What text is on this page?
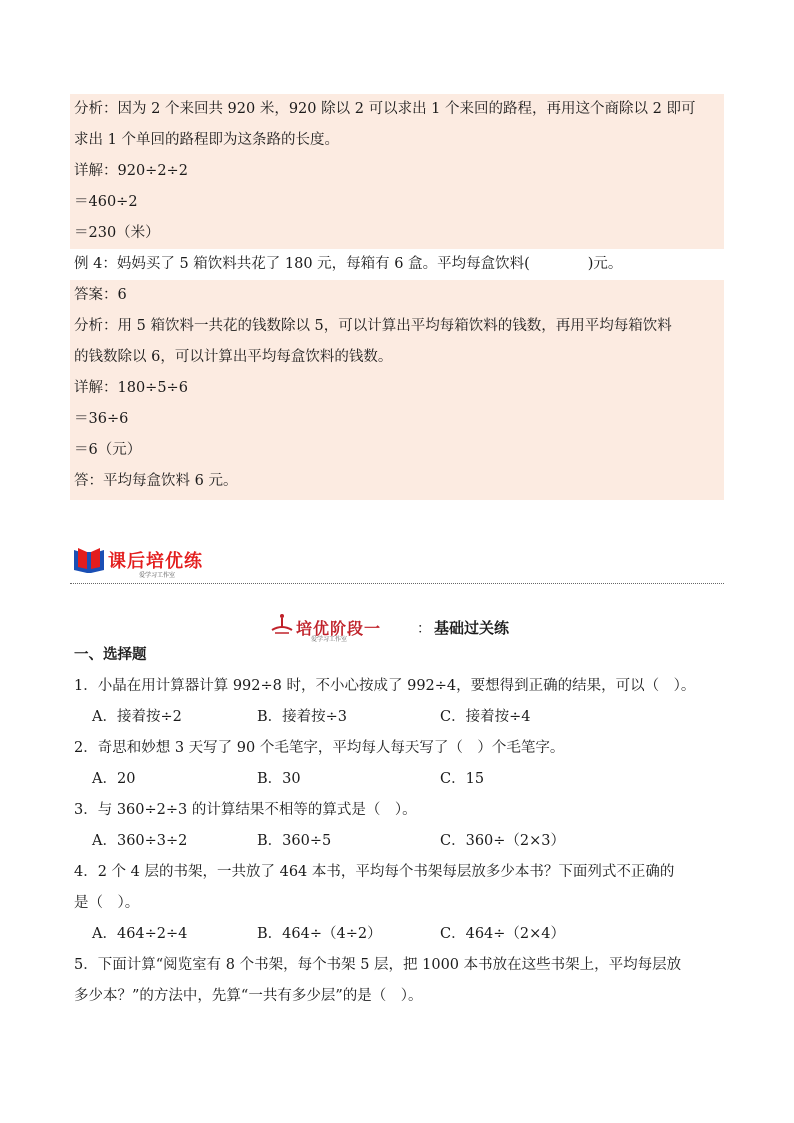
分析：因为 2 个来回共 920 米，920 除以 2 可以求出 1 个来回的路程，再用这个商除以 2 即可
求出 1 个单回的路程即为这条路的长度。
详解：920÷2÷2
＝460÷2
＝230（米）
例 4：妈妈买了 5 箱饮料共花了 180 元，每箱有 6 盒。平均每盒饮料(　　　　)元。
答案：6
分析：用 5 箱饮料一共花的钱数除以 5，可以计算出平均每箱饮料的钱数，再用平均每箱饮料
的钱数除以 6，可以计算出平均每盒饮料的钱数。
详解：180÷5÷6
＝36÷6
＝6（元）
答：平均每盒饮料 6 元。
课后培优练
爱学习工作室
培优阶段一	： 基础过关练
爱学习工作室
一、选择题
1．小晶在用计算器计算 992÷8 时，不小心按成了 992÷4，要想得到正确的结果，可以（　）。
A．接着按÷2	B．接着按÷3	C．接着按÷4
2．奇思和妙想 3 天写了 90 个毛笔字，平均每人每天写了（　）个毛笔字。
A．20	B．30	C．15
3．与 360÷2÷3 的计算结果不相等的算式是（　）。
A．360÷3÷2	B．360÷5	C．360÷（2×3）
4．2 个 4 层的书架，一共放了 464 本书，平均每个书架每层放多少本书？下面列式不正确的
是（　）。
A．464÷2÷4	B．464÷（4÷2）	C．464÷（2×4）
5．下面计算“阅览室有 8 个书架，每个书架 5 层，把 1000 本书放在这些书架上，平均每层放
多少本？”的方法中，先算“一共有多少层”的是（　）。
